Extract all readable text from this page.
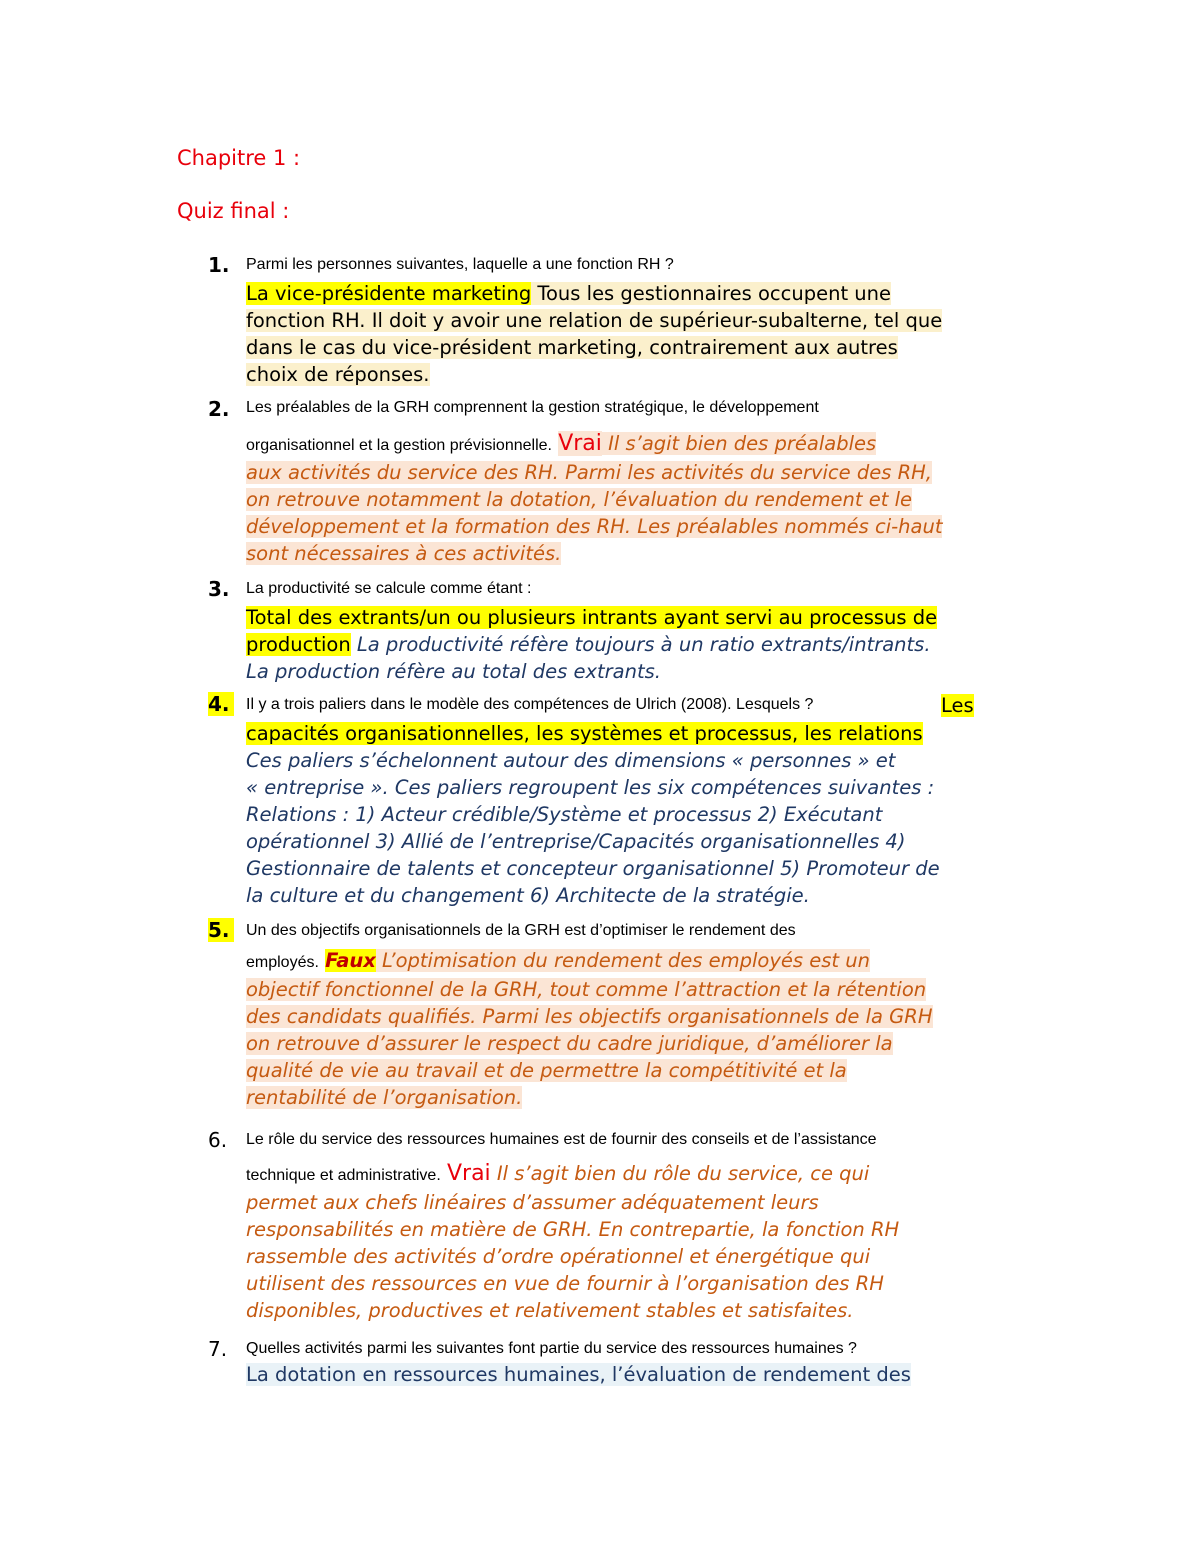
Chapitre 1 :
Quiz final :
1. Parmi les personnes suivantes, laquelle a une fonction RH ?
La vice-présidente marketing Tous les gestionnaires occupent une
fonction RH. Il doit y avoir une relation de supérieur-subalterne, tel que
dans le cas du vice-président marketing, contrairement aux autres
choix de réponses.
2. Les préalables de la GRH comprennent la gestion stratégique, le développement
organisationnel et la gestion prévisionnelle. Vrai Il s’agit bien des préalables
aux activités du service des RH. Parmi les activités du service des RH,
on retrouve notamment la dotation, l’évaluation du rendement et le
développement et la formation des RH. Les préalables nommés ci-haut
sont nécessaires à ces activités.
3. La productivité se calcule comme étant :
Total des extrants/un ou plusieurs intrants ayant servi au processus de
production La productivité réfère toujours à un ratio extrants/intrants.
La production réfère au total des extrants.
4. Il y a trois paliers dans le modèle des compétences de Ulrich (2008). Lesquels ?	Les
capacités organisationnelles, les systèmes et processus, les relations
Ces paliers s’échelonnent autour des dimensions « personnes » et
« entreprise ». Ces paliers regroupent les six compétences suivantes :
Relations : 1) Acteur crédible/Système et processus 2) Exécutant
opérationnel 3) Allié de l’entreprise/Capacités organisationnelles 4)
Gestionnaire de talents et concepteur organisationnel 5) Promoteur de
la culture et du changement 6) Architecte de la stratégie.
5. Un des objectifs organisationnels de la GRH est d’optimiser le rendement des
employés. Faux L’optimisation du rendement des employés est un
objectif fonctionnel de la GRH, tout comme l’attraction et la rétention
des candidats qualifiés. Parmi les objectifs organisationnels de la GRH
on retrouve d’assurer le respect du cadre juridique, d’améliorer la
qualité de vie au travail et de permettre la compétitivité et la
rentabilité de l’organisation.
6. Le rôle du service des ressources humaines est de fournir des conseils et de l’assistance
technique et administrative. Vrai Il s’agit bien du rôle du service, ce qui
permet aux chefs linéaires d’assumer adéquatement leurs
responsabilités en matière de GRH. En contrepartie, la fonction RH
rassemble des activités d’ordre opérationnel et énergétique qui
utilisent des ressources en vue de fournir à l’organisation des RH
disponibles, productives et relativement stables et satisfaites.
7. Quelles activités parmi les suivantes font partie du service des ressources humaines ?
La dotation en ressources humaines, l’évaluation de rendement des
